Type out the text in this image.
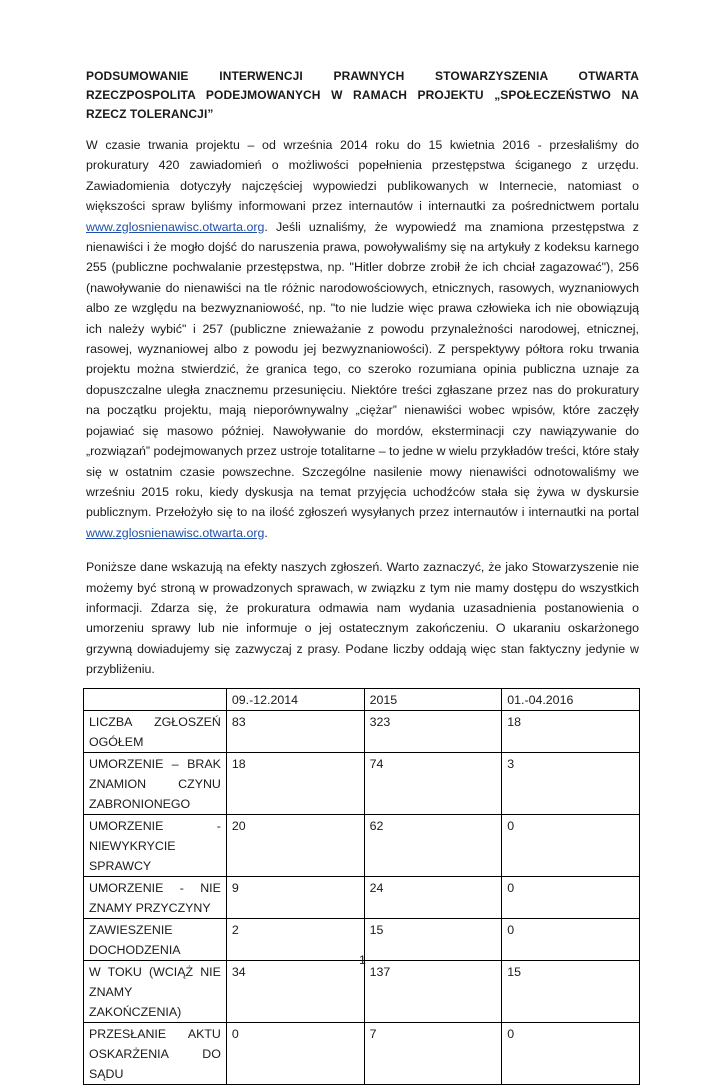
PODSUMOWANIE INTERWENCJI PRAWNYCH STOWARZYSZENIA OTWARTA RZECZPOSPOLITA PODEJMOWANYCH W RAMACH PROJEKTU „SPOŁECZEŃSTWO NA RZECZ TOLERANCJI”

W czasie trwania projektu – od września 2014 roku do 15 kwietnia 2016 - przesłaliśmy do prokuratury 420 zawiadomień o możliwości popełnienia przestępstwa ściganego z urzędu. Zawiadomienia dotyczyły najczęściej wypowiedzi publikowanych w Internecie, natomiast o większości spraw byliśmy informowani przez internautów i internautki za pośrednictwem portalu www.zglosnienawisc.otwarta.org. Jeśli uznaliśmy, że wypowiedź ma znamiona przestępstwa z nienawiści i że mogło dojść do naruszenia prawa, powoływaliśmy się na artykuły z kodeksu karnego 255 (publiczne pochwalanie przestępstwa, np. "Hitler dobrze zrobił że ich chciał zagazować"), 256 (nawoływanie do nienawiści na tle różnic narodowościowych, etnicznych, rasowych, wyznaniowych albo ze względu na bezwyznaniowość, np. "to nie ludzie więc prawa człowieka ich nie obowiązują ich należy wybić" i 257 (publiczne znieważanie z powodu przynależności narodowej, etnicznej, rasowej, wyznaniowej albo z powodu jej bezwyznaniowości). Z perspektywy półtora roku trwania projektu można stwierdzić, że granica tego, co szeroko rozumiana opinia publiczna uznaje za dopuszczalne uległa znacznemu przesunięciu. Niektóre treści zgłaszane przez nas do prokuratury na początku projektu, mają nieporównywalny „ciężar” nienawiści wobec wpisów, które zaczęły pojawiać się masowo później. Nawoływanie do mordów, eksterminacji czy nawiązywanie do „rozwiązań” podejmowanych przez ustroje totalitarne – to jedne w wielu przykładów treści, które stały się w ostatnim czasie powszechne. Szczególne nasilenie mowy nienawiści odnotowaliśmy we wrześniu 2015 roku, kiedy dyskusja na temat przyjęcia uchodźców stała się żywa w dyskursie publicznym. Przełożyło się to na ilość zgłoszeń wysyłanych przez internautów i internautki na portal www.zglosnienawisc.otwarta.org.

Poniższe dane wskazują na efekty naszych zgłoszeń. Warto zaznaczyć, że jako Stowarzyszenie nie możemy być stroną w prowadzonych sprawach, w związku z tym nie mamy dostępu do wszystkich informacji. Zdarza się, że prokuratura odmawia nam wydania uzasadnienia postanowienia o umorzeniu sprawy lub nie informuje o jej ostatecznym zakończeniu. O ukaraniu oskarżonego grzywną dowiadujemy się zazwyczaj z prasy. Podane liczby oddają więc stan faktyczny jedynie w przybliżeniu.

	09.-12.2014	2015	01.-04.2016
LICZBA ZGŁOSZEŃ OGÓŁEM	83	323	18
UMORZENIE – BRAK ZNAMION CZYNU ZABRONIONEGO	18	74	3
UMORZENIE - NIEWYKRYCIE SPRAWCY	20	62	0
UMORZENIE - NIE ZNAMY PRZYCZYNY	9	24	0
ZAWIESZENIE DOCHODZENIA	2	15	0
W TOKU (WCIĄŻ NIE ZNAMY ZAKOŃCZENIA)	34	137	15
PRZESŁANIE AKTU OSKARŻENIA DO SĄDU	0	7	0
1
